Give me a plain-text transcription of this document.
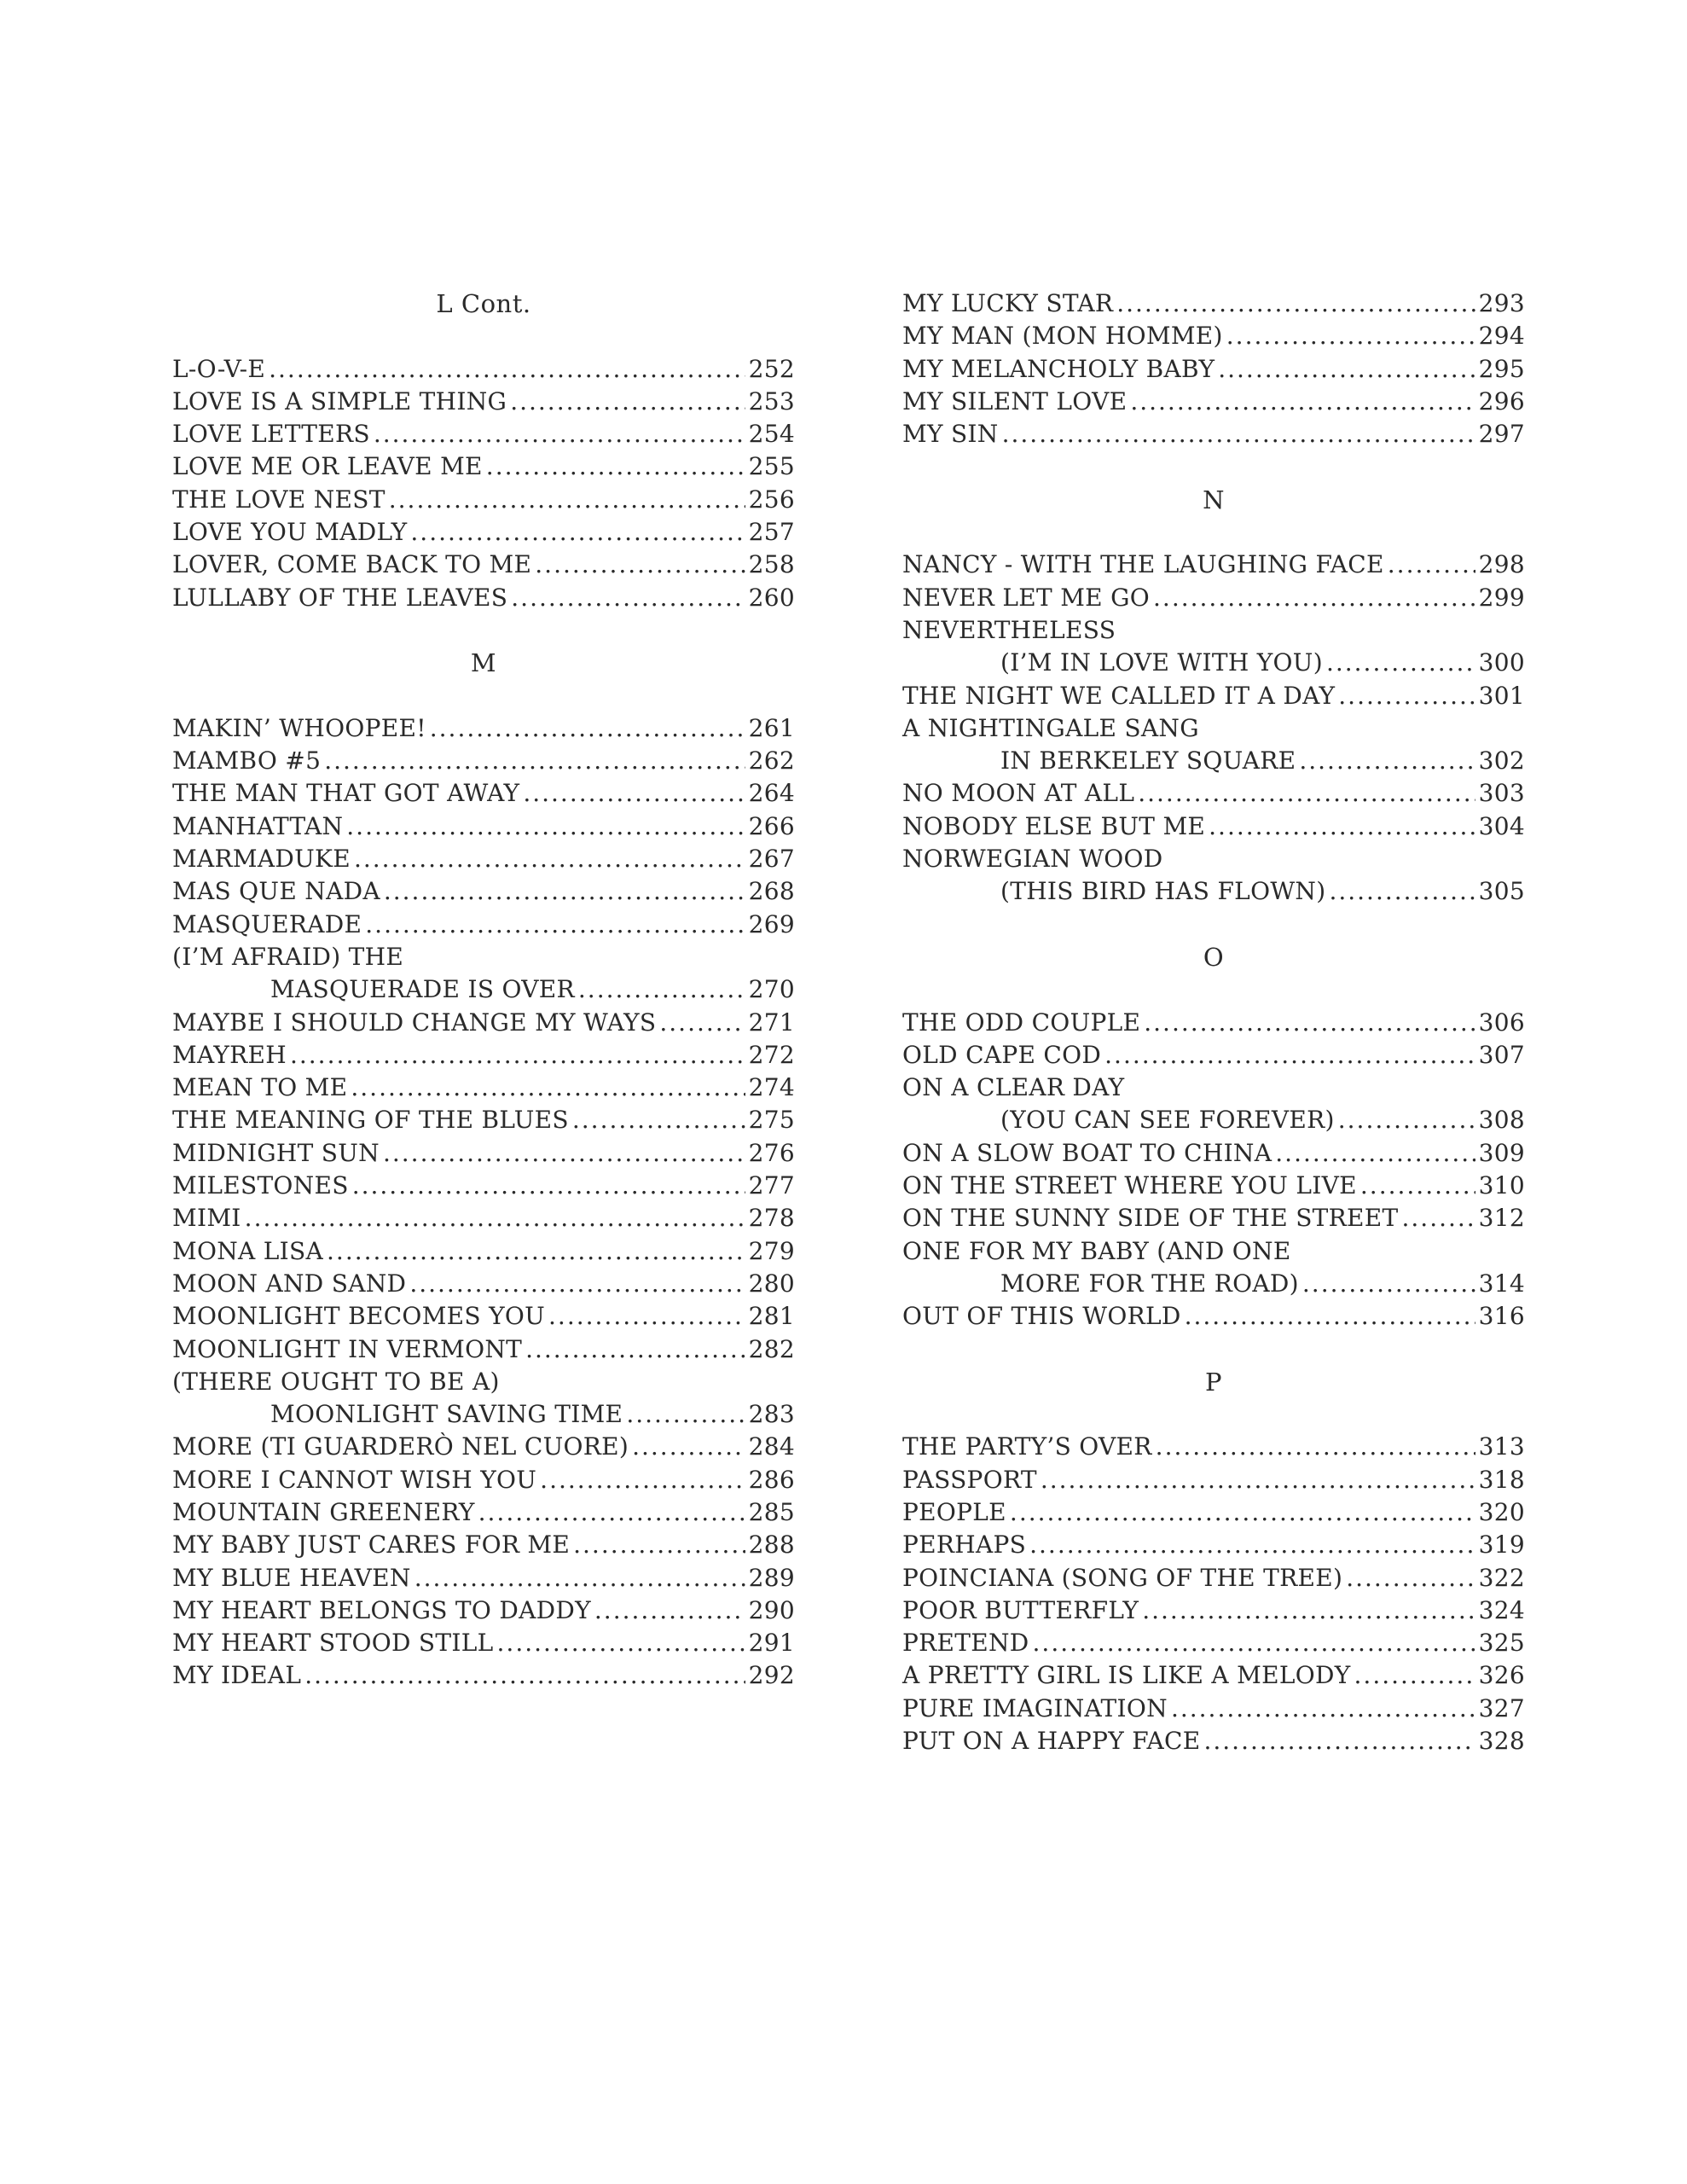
L Cont.
L-O-V-E .....	252
LOVE IS A SIMPLE THING .....	253
LOVE LETTERS .....	254
LOVE ME OR LEAVE ME .....	255
THE LOVE NEST .....	256
LOVE YOU MADLY .....	257
LOVER, COME BACK TO ME .....	258
LULLABY OF THE LEAVES .....	260
M
MAKIN’ WHOOPEE! .....	261
MAMBO #5 .....	262
THE MAN THAT GOT AWAY .....	264
MANHATTAN .....	266
MARMADUKE .....	267
MAS QUE NADA .....	268
MASQUERADE .....	269
(I’M AFRAID) THE
MASQUERADE IS OVER .....	270
MAYBE I SHOULD CHANGE MY WAYS .....	271
MAYREH .....	272
MEAN TO ME .....	274
THE MEANING OF THE BLUES .....	275
MIDNIGHT SUN .....	276
MILESTONES .....	277
MIMI .....	278
MONA LISA .....	279
MOON AND SAND .....	280
MOONLIGHT BECOMES YOU .....	281
MOONLIGHT IN VERMONT .....	282
(THERE OUGHT TO BE A)
MOONLIGHT SAVING TIME .....	283
MORE (TI GUARDERÒ NEL CUORE) .....	284
MORE I CANNOT WISH YOU .....	286
MOUNTAIN GREENERY .....	285
MY BABY JUST CARES FOR ME .....	288
MY BLUE HEAVEN .....	289
MY HEART BELONGS TO DADDY .....	290
MY HEART STOOD STILL .....	291
MY IDEAL .....	292
MY LUCKY STAR .....	293
MY MAN (MON HOMME) .....	294
MY MELANCHOLY BABY .....	295
MY SILENT LOVE .....	296
MY SIN .....	297
N
NANCY - WITH THE LAUGHING FACE .....	298
NEVER LET ME GO .....	299
NEVERTHELESS
(I’M IN LOVE WITH YOU) .....	300
THE NIGHT WE CALLED IT A DAY .....	301
A NIGHTINGALE SANG
IN BERKELEY SQUARE .....	302
NO MOON AT ALL .....	303
NOBODY ELSE BUT ME .....	304
NORWEGIAN WOOD
(THIS BIRD HAS FLOWN) .....	305
O
THE ODD COUPLE .....	306
OLD CAPE COD .....	307
ON A CLEAR DAY
(YOU CAN SEE FOREVER) .....	308
ON A SLOW BOAT TO CHINA .....	309
ON THE STREET WHERE YOU LIVE .....	310
ON THE SUNNY SIDE OF THE STREET .....	312
ONE FOR MY BABY (AND ONE
MORE FOR THE ROAD) .....	314
OUT OF THIS WORLD .....	316
P
THE PARTY’S OVER .....	313
PASSPORT .....	318
PEOPLE .....	320
PERHAPS .....	319
POINCIANA (SONG OF THE TREE) .....	322
POOR BUTTERFLY .....	324
PRETEND .....	325
A PRETTY GIRL IS LIKE A MELODY .....	326
PURE IMAGINATION .....	327
PUT ON A HAPPY FACE .....	328
